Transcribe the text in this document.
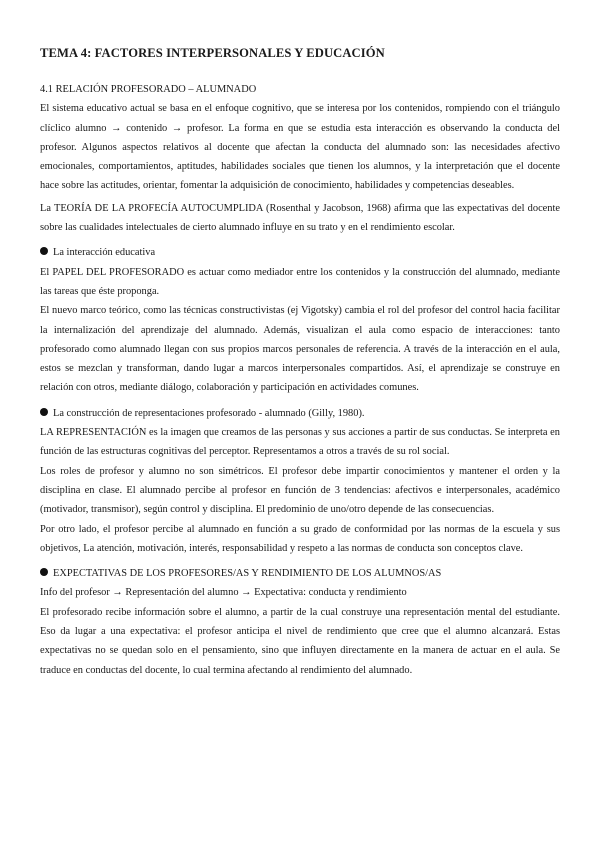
TEMA 4: FACTORES INTERPERSONALES Y EDUCACIÓN

4.1 RELACIÓN PROFESORADO – ALUMNADO

El sistema educativo actual se basa en el enfoque cognitivo, que se interesa por los contenidos, rompiendo con el triángulo clíclico alumno → contenido → profesor. La forma en que se estudia esta interacción es observando la conducta del profesor. Algunos aspectos relativos al docente que afectan la conducta del alumnado son: las necesidades afectivo emocionales, comportamientos, aptitudes, habilidades sociales que tienen los alumnos, y la interpretación que el docente hace sobre las actitudes, orientar, fomentar la adquisición de conocimiento, habilidades y competencias deseables.

La TEORÍA DE LA PROFECÍA AUTOCUMPLIDA (Rosenthal y Jacobson, 1968) afirma que las expectativas del docente sobre las cualidades intelectuales de cierto alumnado influye en su trato y en el rendimiento escolar.

La interacción educativa

El PAPEL DEL PROFESORADO es actuar como mediador entre los contenidos y la construcción del alumnado, mediante las tareas que éste proponga.

El nuevo marco teórico, como las técnicas constructivistas (ej Vigotsky) cambia el rol del profesor del control hacia facilitar la internalización del aprendizaje del alumnado. Además, visualizan el aula como espacio de interacciones: tanto profesorado como alumnado llegan con sus propios marcos personales de referencia. A través de la interacción en el aula, estos se mezclan y transforman, dando lugar a marcos interpersonales compartidos. Así, el aprendizaje se construye en relación con otros, mediante diálogo, colaboración y participación en actividades comunes.

La construcción de representaciones profesorado - alumnado (Gilly, 1980).

LA REPRESENTACIÓN es la imagen que creamos de las personas y sus acciones a partir de sus conductas. Se interpreta en función de las estructuras cognitivas del perceptor. Representamos a otros a través de su rol social.

Los roles de profesor y alumno no son simétricos. El profesor debe impartir conocimientos y mantener el orden y la disciplina en clase. El alumnado percibe al profesor en función de 3 tendencias: afectivos e interpersonales, académico (motivador, transmisor), según control y disciplina. El predominio de uno/otro depende de las consecuencias.

Por otro lado, el profesor percibe al alumnado en función a su grado de conformidad por las normas de la escuela y sus objetivos, La atención, motivación, interés, responsabilidad y respeto a las normas de conducta son conceptos clave.

EXPECTATIVAS DE LOS PROFESORES/AS Y RENDIMIENTO DE LOS ALUMNOS/AS

Info del profesor → Representación del alumno → Expectativa: conducta y rendimiento

El profesorado recibe información sobre el alumno, a partir de la cual construye una representación mental del estudiante. Eso da lugar a una expectativa: el profesor anticipa el nivel de rendimiento que cree que el alumno alcanzará. Estas expectativas no se quedan solo en el pensamiento, sino que influyen directamente en la manera de actuar en el aula. Se traduce en conductas del docente, lo cual termina afectando al rendimiento del alumnado.
